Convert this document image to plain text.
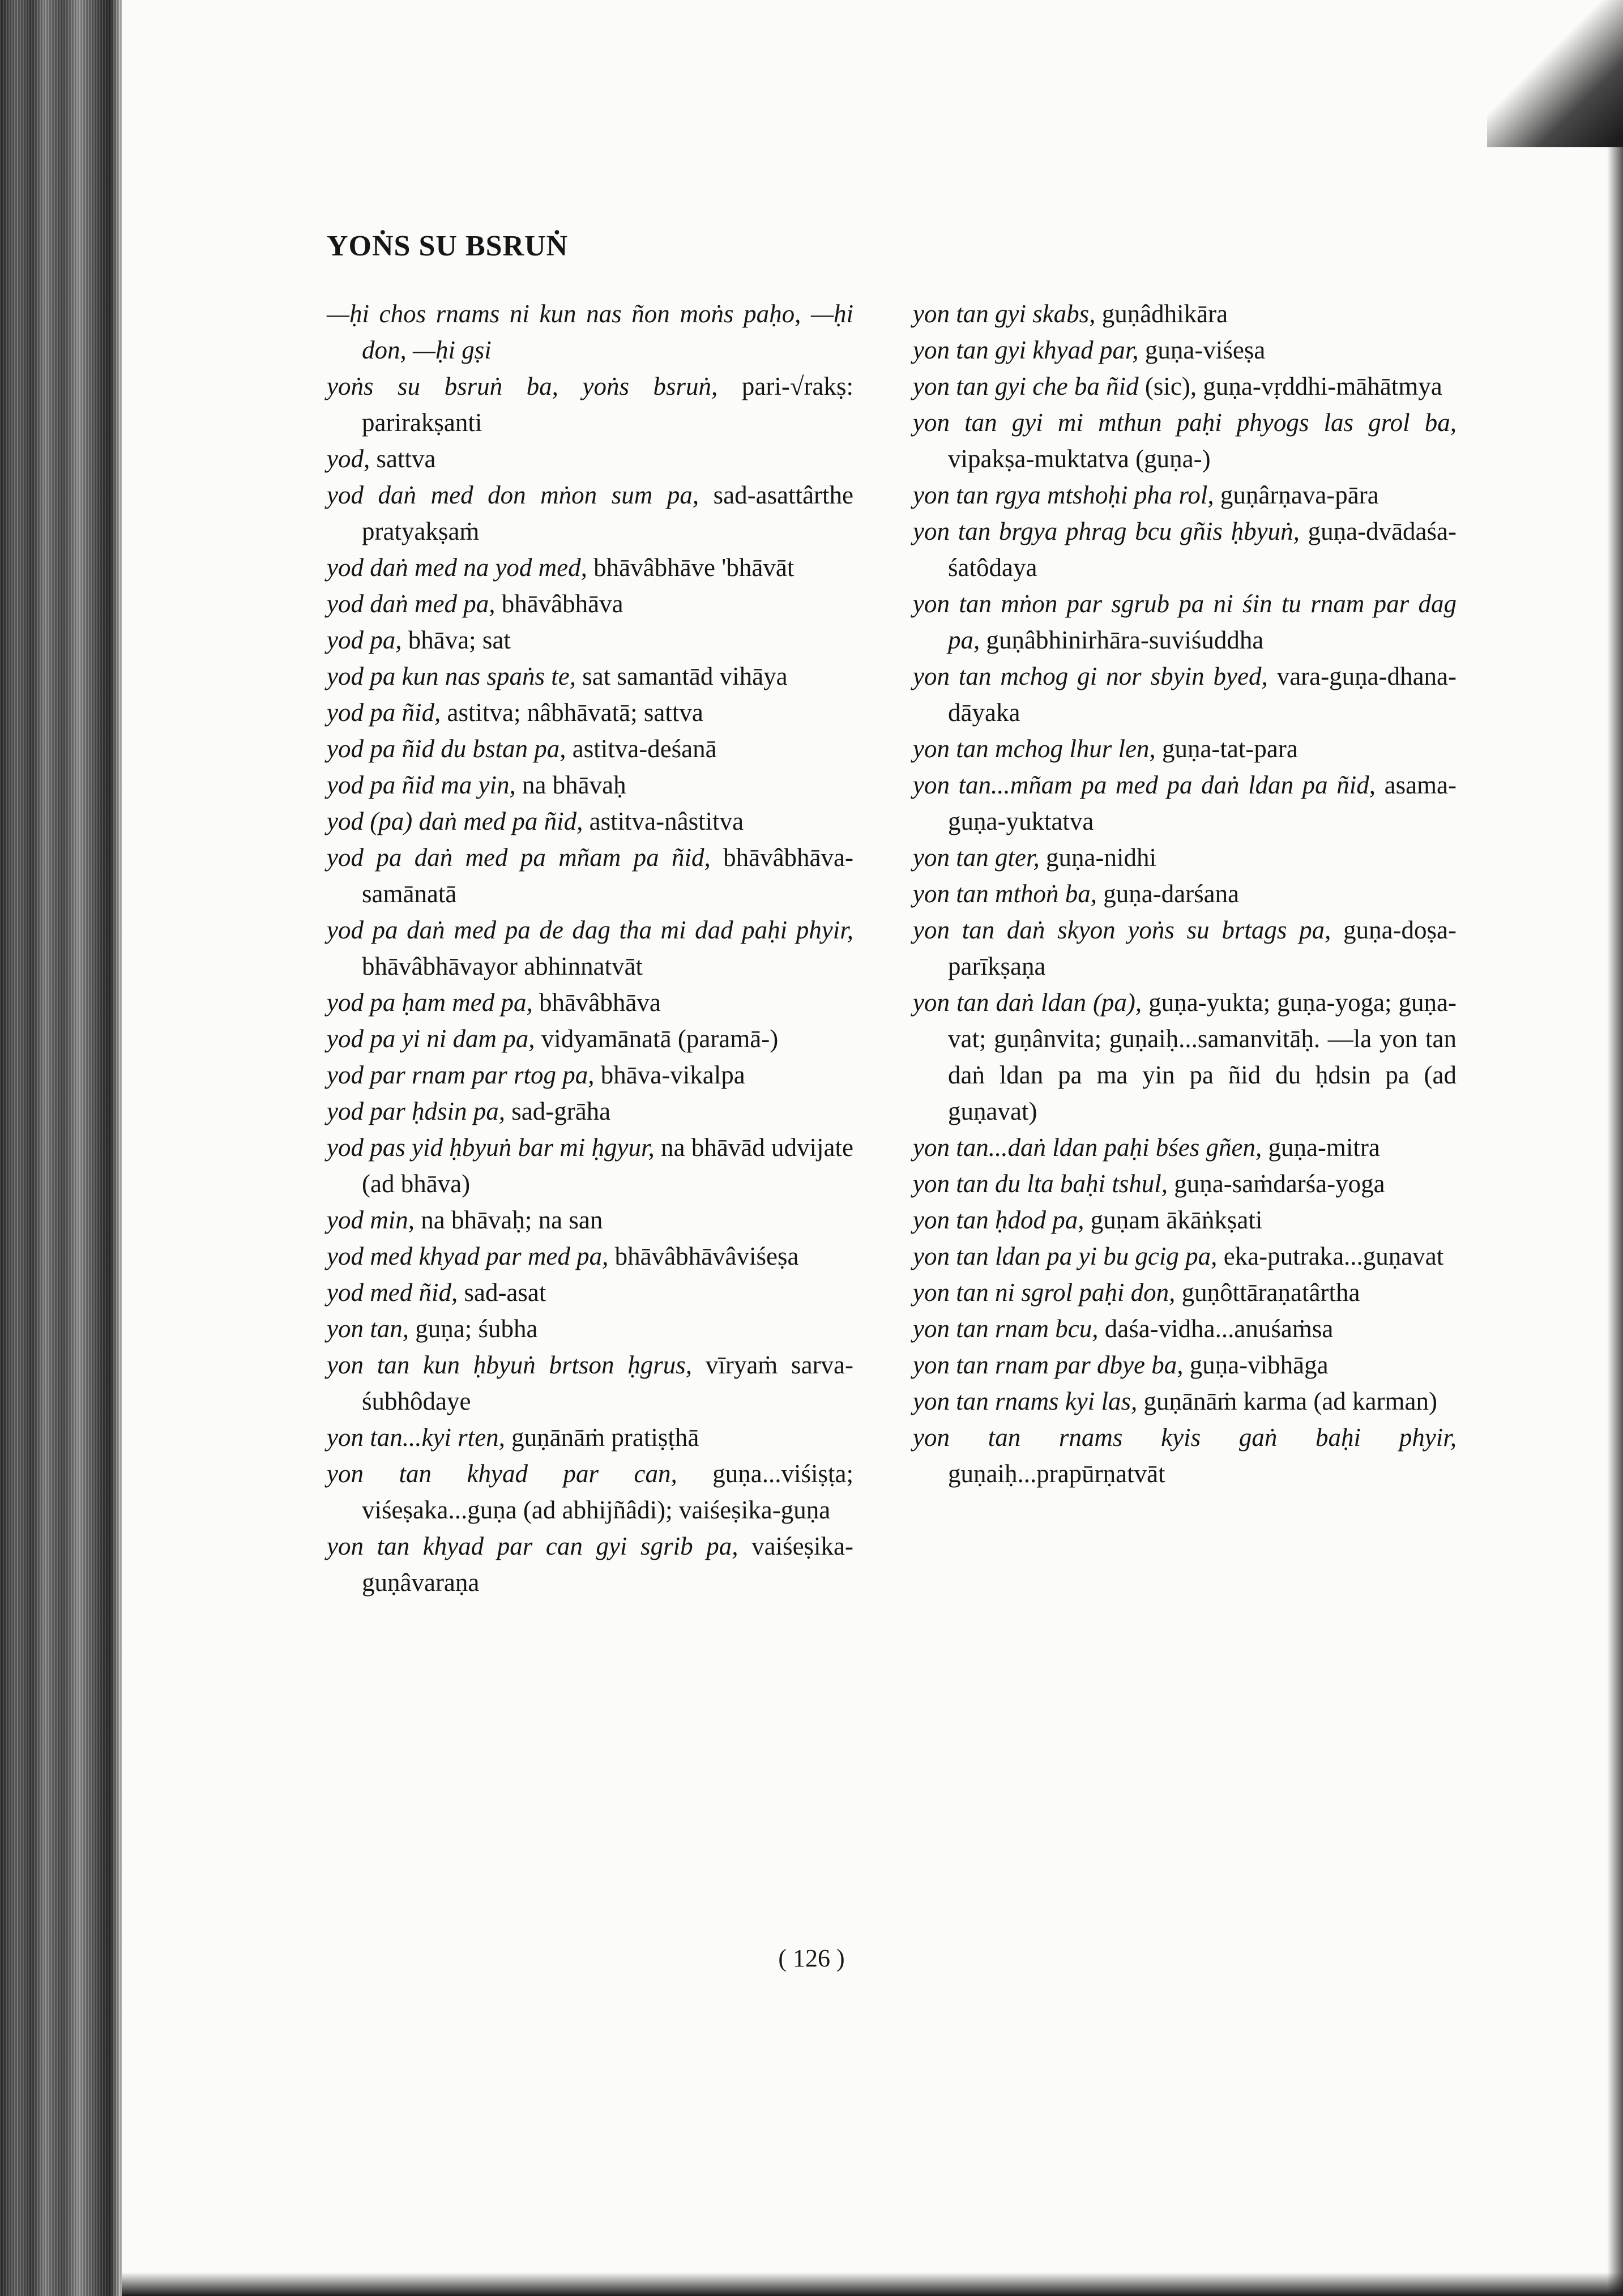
YOṄS SU BSRUṄ
—ḥi chos rnams ni kun nas ñon moṅs paḥo, —ḥi don, —ḥi gṣi
yoṅs su bsruṅ ba, yoṅs bsruṅ, pari-√rakṣ: parirakṣanti
yod, sattva
yod daṅ med don mṅon sum pa, sad-asattârthe pratyakṣaṁ
yod daṅ med na yod med, bhāvâbhāve 'bhāvāt
yod daṅ med pa, bhāvâbhāva
yod pa, bhāva; sat
yod pa kun nas spaṅs te, sat samantād vihāya
yod pa ñid, astitva; nâbhāvatā; sattva
yod pa ñid du bstan pa, astitva-deśanā
yod pa ñid ma yin, na bhāvaḥ
yod (pa) daṅ med pa ñid, astitva-nâstitva
yod pa daṅ med pa mñam pa ñid, bhāvâbhāva-samānatā
yod pa daṅ med pa de dag tha mi dad paḥi phyir, bhāvâbhāvayor abhinnatvāt
yod pa ḥam med pa, bhāvâbhāva
yod pa yi ni dam pa, vidyamānatā (paramā-)
yod par rnam par rtog pa, bhāva-vikalpa
yod par ḥdsin pa, sad-grāha
yod pas yid ḥbyuṅ bar mi ḥgyur, na bhāvād udvijate (ad bhāva)
yod min, na bhāvaḥ; na san
yod med khyad par med pa, bhāvâbhāvâviśeṣa
yod med ñid, sad-asat
yon tan, guṇa; śubha
yon tan kun ḥbyuṅ brtson ḥgrus, vīryaṁ sarva-śubhôdaye
yon tan...kyi rten, guṇānāṁ pratiṣṭhā
yon tan khyad par can, guṇa...viśiṣṭa; viśeṣaka...guṇa (ad abhijñâdi); vaiśeṣika-guṇa
yon tan khyad par can gyi sgrib pa, vaiśeṣika-guṇâvaraṇa
yon tan gyi skabs, guṇâdhikāra
yon tan gyi khyad par, guṇa-viśeṣa
yon tan gyi che ba ñid (sic), guṇa-vṛddhi-māhātmya
yon tan gyi mi mthun paḥi phyogs las grol ba, vipakṣa-muktatva (guṇa-)
yon tan rgya mtshoḥi pha rol, guṇârṇava-pāra
yon tan brgya phrag bcu gñis ḥbyuṅ, guṇa-dvādaśa-śatôdaya
yon tan mṅon par sgrub pa ni śin tu rnam par dag pa, guṇâbhinirhāra-suviśuddha
yon tan mchog gi nor sbyin byed, vara-guṇa-dhana-dāyaka
yon tan mchog lhur len, guṇa-tat-para
yon tan...mñam pa med pa daṅ ldan pa ñid, asama-guṇa-yuktatva
yon tan gter, guṇa-nidhi
yon tan mthoṅ ba, guṇa-darśana
yon tan daṅ skyon yoṅs su brtags pa, guṇa-doṣa-parīkṣaṇa
yon tan daṅ ldan (pa), guṇa-yukta; guṇa-yoga; guṇa-vat; guṇânvita; guṇaiḥ...samanvitāḥ. —la yon tan daṅ ldan pa ma yin pa ñid du ḥdsin pa (ad guṇavat)
yon tan...daṅ ldan paḥi bśes gñen, guṇa-mitra
yon tan du lta baḥi tshul, guṇa-saṁdarśa-yoga
yon tan ḥdod pa, guṇam ākāṅkṣati
yon tan ldan pa yi bu gcig pa, eka-putraka...guṇavat
yon tan ni sgrol paḥi don, guṇôttāraṇatârtha
yon tan rnam bcu, daśa-vidha...anuśaṁsa
yon tan rnam par dbye ba, guṇa-vibhāga
yon tan rnams kyi las, guṇānāṁ karma (ad karman)
yon tan rnams kyis gaṅ baḥi phyir, guṇaiḥ...prapūrṇatvāt
( 126 )
